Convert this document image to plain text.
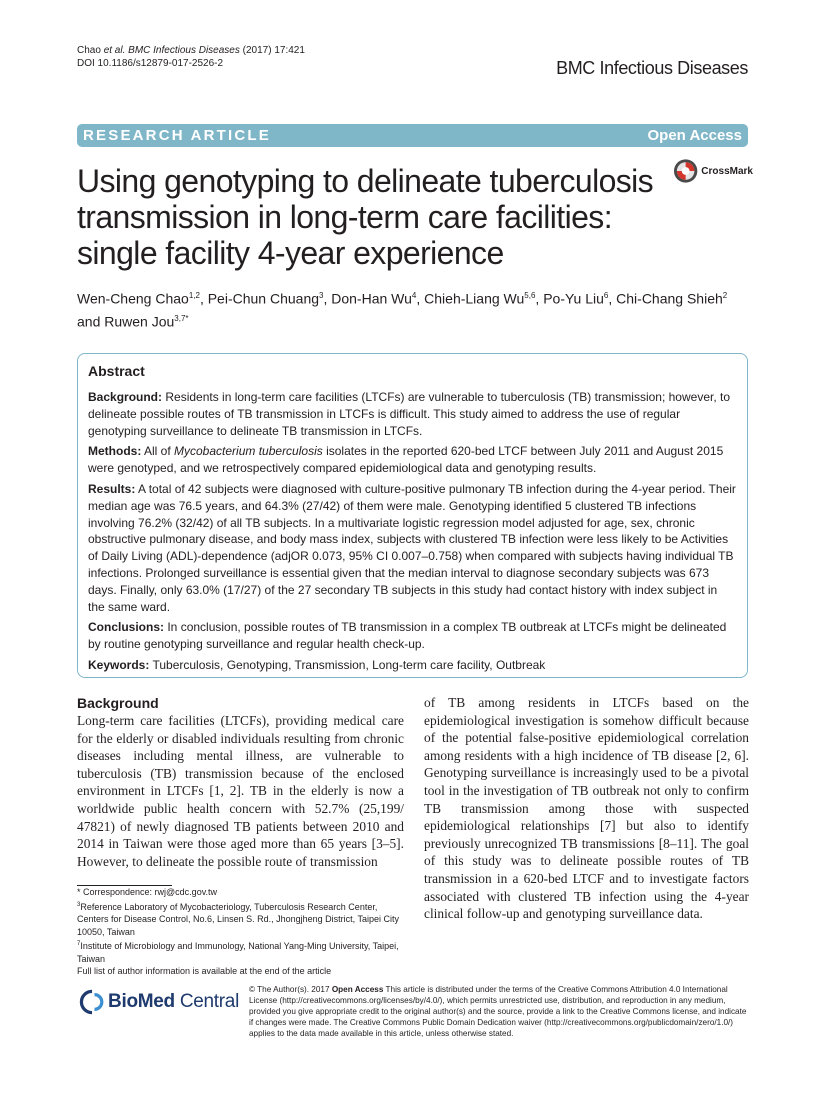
Chao et al. BMC Infectious Diseases (2017) 17:421
DOI 10.1186/s12879-017-2526-2	BMC Infectious Diseases
RESEARCH ARTICLE	Open Access
Using genotyping to delineate tuberculosis
transmission in long-term care facilities:
single facility 4-year experience
CrossMark
Wen-Cheng Chao$^{1,2}$, Pei-Chun Chuang$^3$, Don-Han Wu$^4$, Chieh-Liang Wu$^{5,6}$, Po-Yu Liu$^6$, Chi-Chang Shieh$^2$
and Ruwen Jou$^{3,7*}$
Abstract

Background: Residents in long-term care facilities (LTCFs) are vulnerable to tuberculosis (TB) transmission; however, to delineate possible routes of TB transmission in LTCFs is difficult. This study aimed to address the use of regular genotyping surveillance to delineate TB transmission in LTCFs.

Methods: All of Mycobacterium tuberculosis isolates in the reported 620-bed LTCF between July 2011 and August 2015 were genotyped, and we retrospectively compared epidemiological data and genotyping results.

Results: A total of 42 subjects were diagnosed with culture-positive pulmonary TB infection during the 4-year period. Their median age was 76.5 years, and 64.3% (27/42) of them were male. Genotyping identified 5 clustered TB infections involving 76.2% (32/42) of all TB subjects. In a multivariate logistic regression model adjusted for age, sex, chronic obstructive pulmonary disease, and body mass index, subjects with clustered TB infection were less likely to be Activities of Daily Living (ADL)-dependence (adjOR 0.073, 95% CI 0.007–0.758) when compared with subjects having individual TB infections. Prolonged surveillance is essential given that the median interval to diagnose secondary subjects was 673 days. Finally, only 63.0% (17/27) of the 27 secondary TB subjects in this study had contact history with index subject in the same ward.

Conclusions: In conclusion, possible routes of TB transmission in a complex TB outbreak at LTCFs might be delineated by routine genotyping surveillance and regular health check-up.

Keywords: Tuberculosis, Genotyping, Transmission, Long-term care facility, Outbreak

Background
Long-term care facilities (LTCFs), providing medical care for the elderly or disabled individuals resulting from chronic diseases including mental illness, are vulnerable to tuberculosis (TB) transmission because of the enclosed environment in LTCFs [1, 2]. TB in the elderly is now a worldwide public health concern with 52.7% (25,199/ 47821) of newly diagnosed TB patients between 2010 and 2014 in Taiwan were those aged more than 65 years [3–5]. However, to delineate the possible route of transmission
of TB among residents in LTCFs based on the epidemiological investigation is somehow difficult because of the potential false-positive epidemiological correlation among residents with a high incidence of TB disease [2, 6]. Genotyping surveillance is increasingly used to be a pivotal tool in the investigation of TB outbreak not only to confirm TB transmission among those with suspected epidemiological relationships [7] but also to identify previously unrecognized TB transmissions [8–11]. The goal of this study was to delineate possible routes of TB transmission in a 620-bed LTCF and to investigate factors associated with clustered TB infection using the 4-year clinical follow-up and genotyping surveillance data.
* Correspondence: rwj@cdc.gov.tw
$^3$Reference Laboratory of Mycobacteriology, Tuberculosis Research Center, Centers for Disease Control, No.6, Linsen S. Rd., Jhongjheng District, Taipei City 10050, Taiwan
$^7$Institute of Microbiology and Immunology, National Yang-Ming University, Taipei, Taiwan
Full list of author information is available at the end of the article
BioMed Central
© The Author(s). 2017 Open Access This article is distributed under the terms of the Creative Commons Attribution 4.0 International License (http://creativecommons.org/licenses/by/4.0/), which permits unrestricted use, distribution, and reproduction in any medium, provided you give appropriate credit to the original author(s) and the source, provide a link to the Creative Commons license, and indicate if changes were made. The Creative Commons Public Domain Dedication waiver (http://creativecommons.org/publicdomain/zero/1.0/) applies to the data made available in this article, unless otherwise stated.
